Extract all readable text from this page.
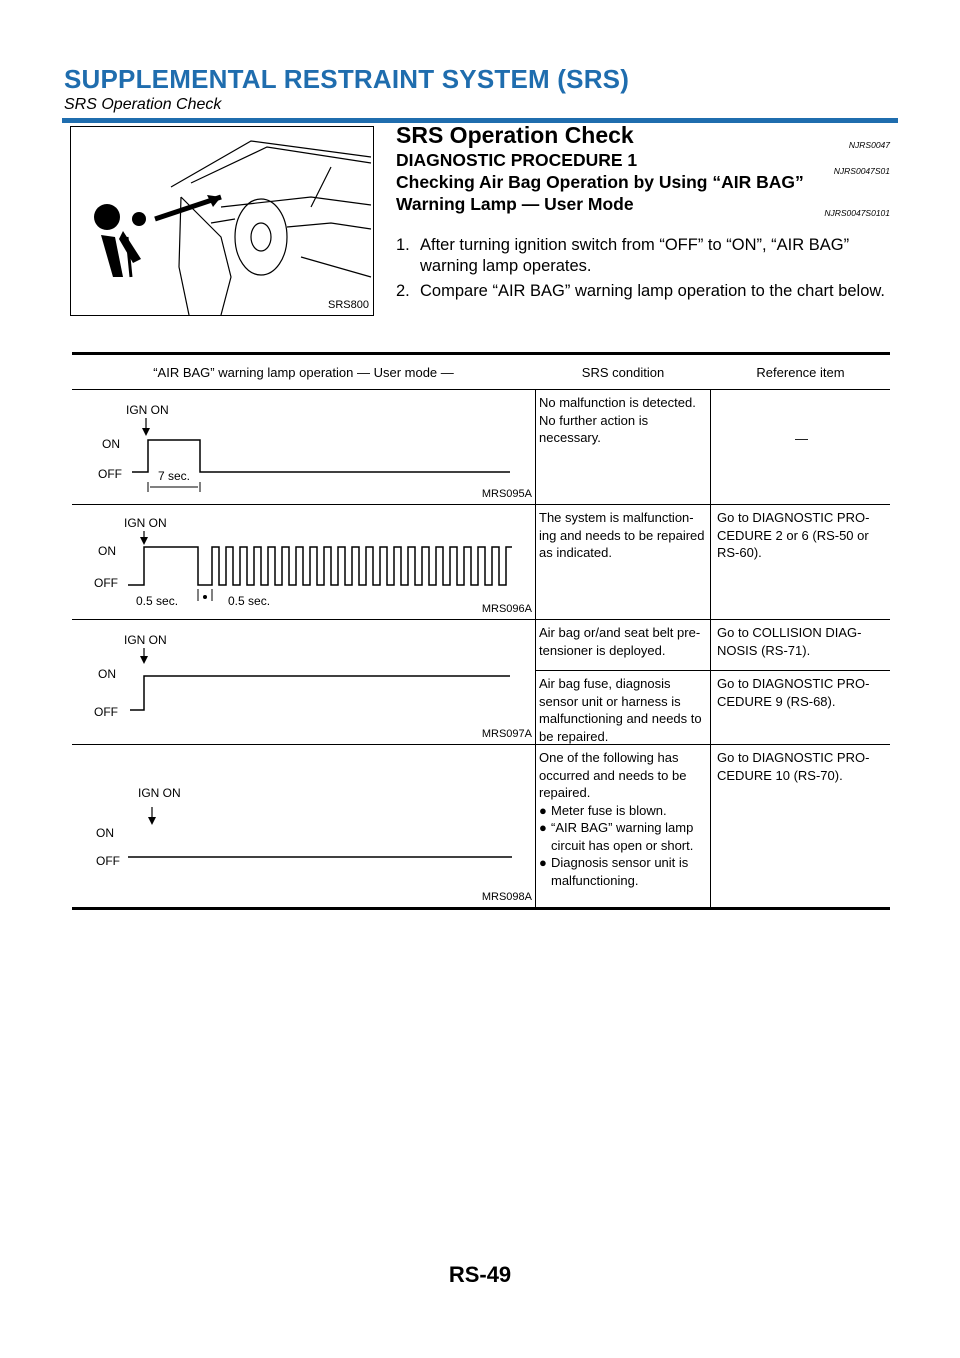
SUPPLEMENTAL RESTRAINT SYSTEM (SRS)
SRS Operation Check
SRS800
SRS Operation Check	NJRS0047
DIAGNOSTIC PROCEDURE 1
NJRS0047S01
Checking Air Bag Operation by Using “AIR BAG”
Warning Lamp — User Mode	NJRS0047S0101
1. After turning ignition switch from “OFF” to “ON”, “AIR BAG” warning lamp operates.
2. Compare “AIR BAG” warning lamp operation to the chart below.
“AIR BAG” warning lamp operation — User mode —	SRS condition	Reference item
IGN ON
ON
OFF	7 sec.
MRS095A
No malfunction is detected. No further action is necessary.	—
IGN ON
ON
OFF
0.5 sec.	0.5 sec.
MRS096A
The system is malfunction-ing and needs to be repaired as indicated.
Go to DIAGNOSTIC PRO-CEDURE 2 or 6 (RS-50 or RS-60).
IGN ON
ON
OFF
MRS097A
Air bag or/and seat belt pre-tensioner is deployed.
Go to COLLISION DIAG-NOSIS (RS-71).
Air bag fuse, diagnosis sensor unit or harness is malfunctioning and needs to be repaired.
Go to DIAGNOSTIC PRO-CEDURE 9 (RS-68).
IGN ON
ON
OFF
MRS098A
One of the following has occurred and needs to be repaired.
● Meter fuse is blown.
● “AIR BAG” warning lamp circuit has open or short.
● Diagnosis sensor unit is malfunctioning.
Go to DIAGNOSTIC PRO-CEDURE 10 (RS-70).
RS-49
